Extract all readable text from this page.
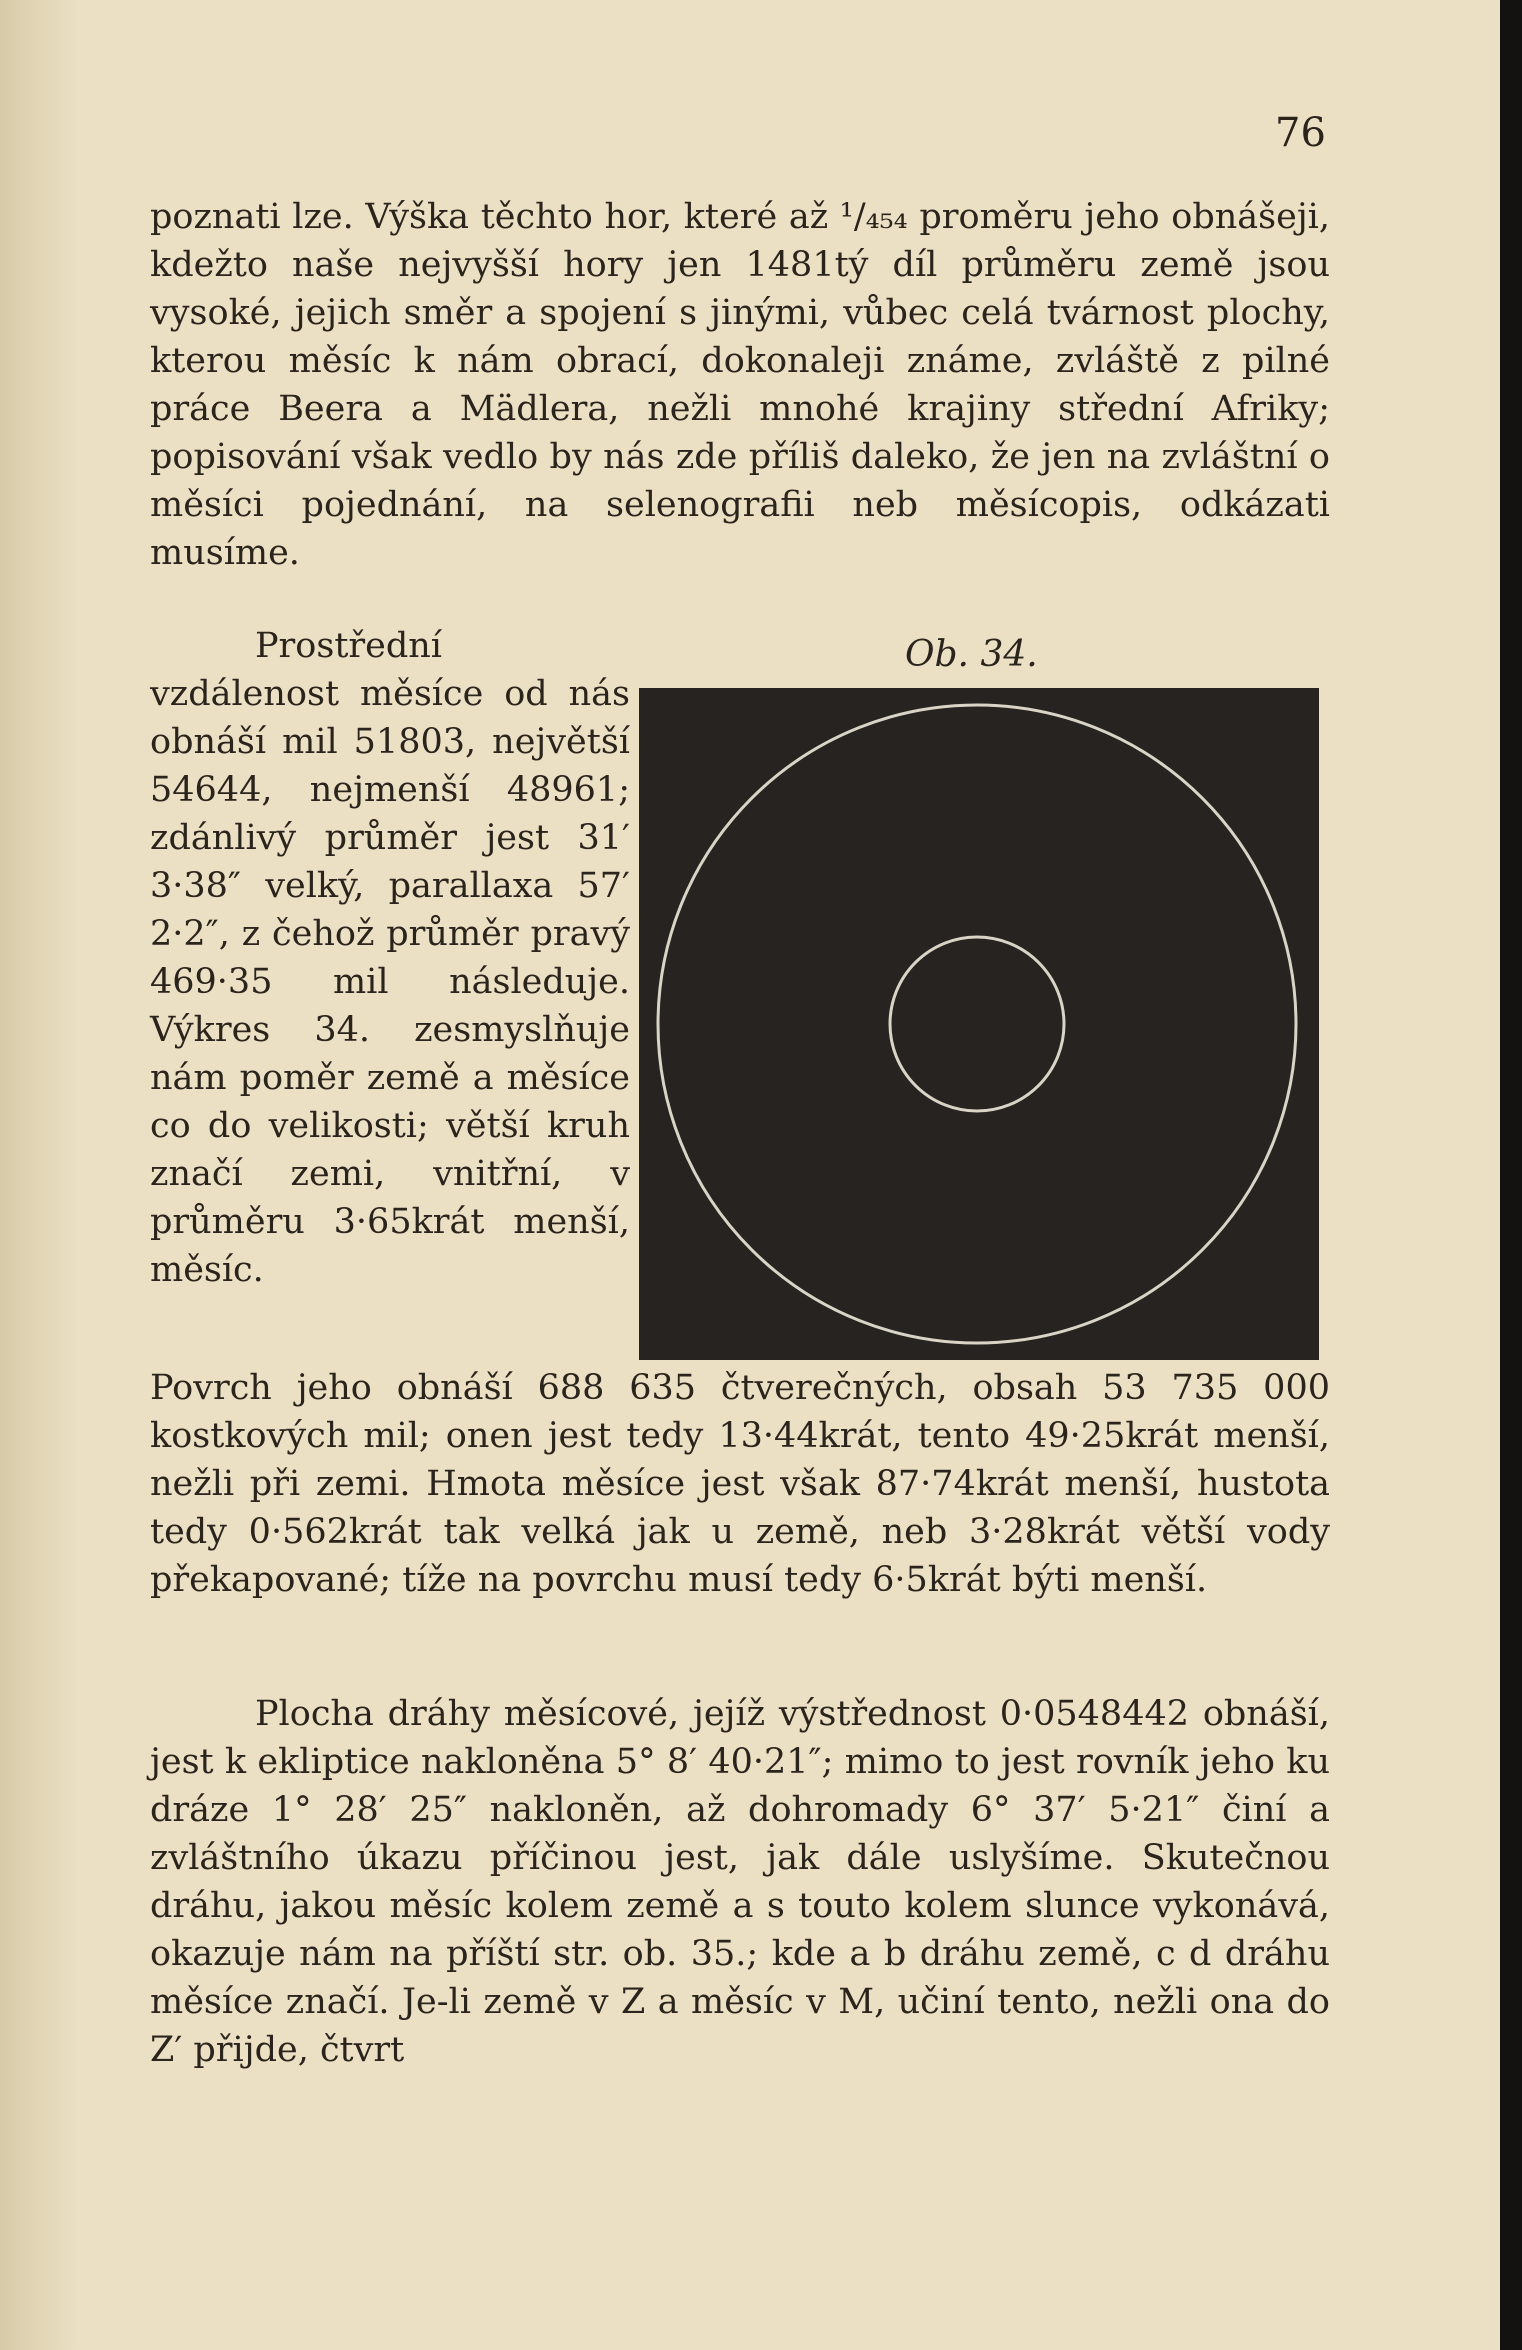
76

poznati lze. Výška těchto hor, které až ¹/₄₅₄ proměru jeho obnášeji, kdežto naše nejvyšší hory jen 1481tý díl průměru země jsou vysoké, jejich směr a spojení s jinými, vůbec celá tvárnost plochy, kterou měsíc k nám obrací, dokonaleji známe, zvláště z pilné práce Beera a Mädlera, nežli mnohé krajiny střední Afriky; popisování však vedlo by nás zde příliš daleko, že jen na zvláštní o měsíci pojednání, na selenografii neb měsícopis, odkázati musíme.

Prostřední vzdálenost měsíce od nás obnáší mil 51803, největší 54644, nejmenší 48961; zdánlivý průměr jest 31′ 3·38″ velký, parallaxa 57′ 2·2″, z čehož průměr pravý 469·35 mil následuje. Výkres 34. zesmyslňuje nám poměr země a měsíce co do velikosti; větší kruh značí zemi, vnitřní, v průměru 3·65krát menší, měsíc.

Ob. 34.

Povrch jeho obnáší 688 635 čtverečných, obsah 53 735 000 kostkových mil; onen jest tedy 13·44krát, tento 49·25krát menší, nežli při zemi. Hmota měsíce jest však 87·74krát menší, hustota tedy 0·562krát tak velká jak u země, neb 3·28krát větší vody překapované; tíže na povrchu musí tedy 6·5krát býti menší.

Plocha dráhy měsícové, jejíž výstřednost 0·0548442 obnáší, jest k ekliptice nakloněna 5° 8′ 40·21″; mimo to jest rovník jeho ku dráze 1° 28′ 25″ nakloněn, až dohromady 6° 37′ 5·21″ činí a zvláštního úkazu příčinou jest, jak dále uslyšíme. Skutečnou dráhu, jakou měsíc kolem země a s touto kolem slunce vykonává, okazuje nám na příští str. ob. 35.; kde a b dráhu země, c d dráhu měsíce značí. Je-li země v Z a měsíc v M, učiní tento, nežli ona do Z′ přijde, čtvrt
